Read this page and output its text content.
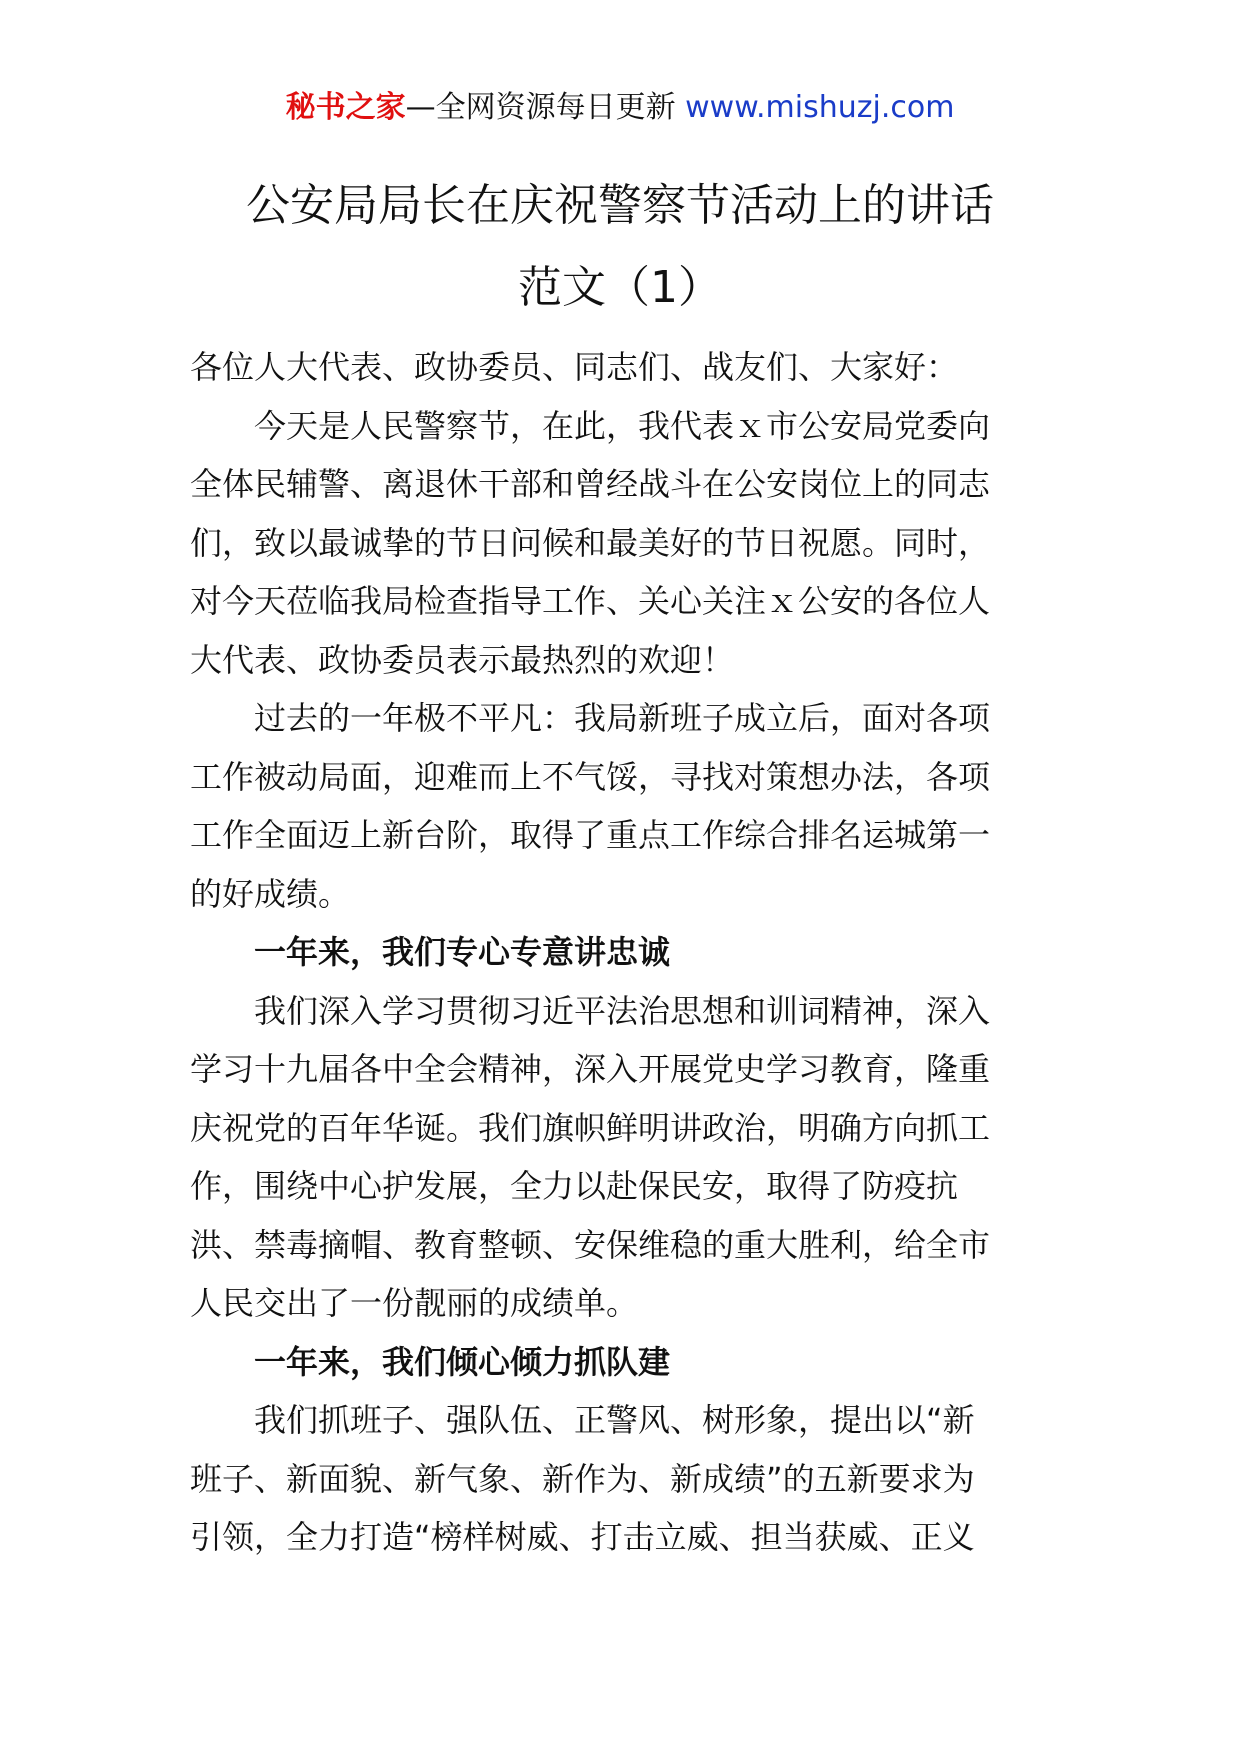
秘书之家—全网资源每日更新 www.mishuzj.com
公安局局长在庆祝警察节活动上的讲话
范文（1）
各位人大代表、政协委员、同志们、战友们、大家好：
今天是人民警察节，在此，我代表ｘ市公安局党委向
全体民辅警、离退休干部和曾经战斗在公安岗位上的同志
们，致以最诚挚的节日问候和最美好的节日祝愿。同时，
对今天莅临我局检查指导工作、关心关注ｘ公安的各位人
大代表、政协委员表示最热烈的欢迎！
过去的一年极不平凡：我局新班子成立后，面对各项
工作被动局面，迎难而上不气馁，寻找对策想办法，各项
工作全面迈上新台阶，取得了重点工作综合排名运城第一
的好成绩。
一年来，我们专心专意讲忠诚
我们深入学习贯彻习近平法治思想和训词精神，深入
学习十九届各中全会精神，深入开展党史学习教育，隆重
庆祝党的百年华诞。我们旗帜鲜明讲政治，明确方向抓工
作，围绕中心护发展，全力以赴保民安，取得了防疫抗
洪、禁毒摘帽、教育整顿、安保维稳的重大胜利，给全市
人民交出了一份靓丽的成绩单。
一年来，我们倾心倾力抓队建
我们抓班子、强队伍、正警风、树形象，提出以“新
班子、新面貌、新气象、新作为、新成绩”的五新要求为
引领，全力打造“榜样树威、打击立威、担当获威、正义
